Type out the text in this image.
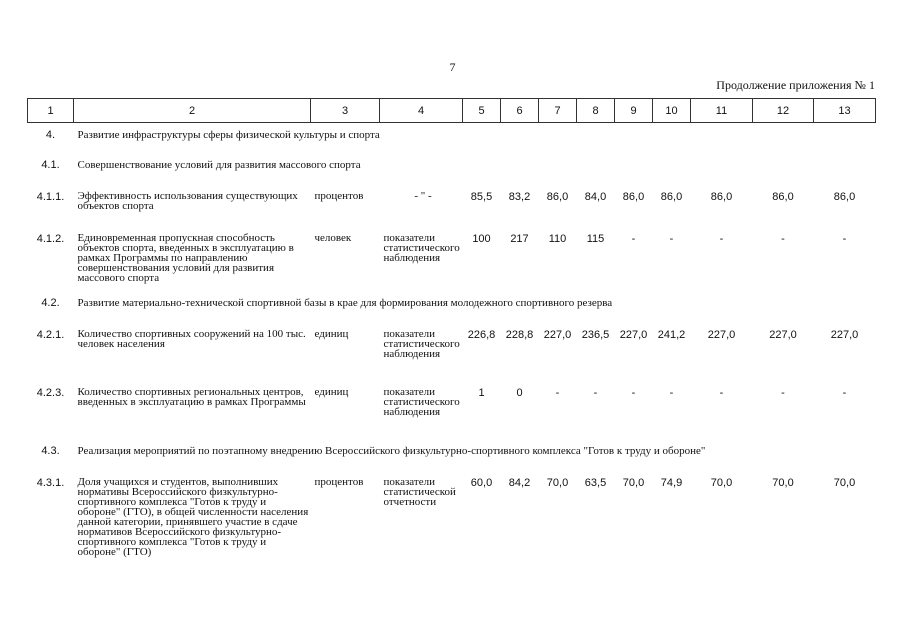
7
Продолжение приложения № 1
1	2	3	4	5	6	7	8	9	10	11	12	13
4.	Развитие инфраструктуры сферы физической культуры и спорта											
4.1.	Совершенствование условий для развития массового спорта											
4.1.1.	Эффективность использования существующих объектов спорта	процентов	- " -	85,5	83,2	86,0	84,0	86,0	86,0	86,0	86,0	86,0
4.1.2.	Единовременная пропускная способность объектов спорта, введенных в эксплуатацию в рамках Программы по направлению совершенствования условий для развития массового спорта	человек	показатели статистического наблюдения	100	217	110	115	-	-	-	-	-
4.2.	Развитие материально-технической спортивной базы в крае для формирования молодежного спортивного резерва											
4.2.1.	Количество спортивных сооружений на 100 тыс. человек населения	единиц	показатели статистического наблюдения	226,8	228,8	227,0	236,5	227,0	241,2	227,0	227,0	227,0
4.2.3.	Количество спортивных региональных центров, введенных в эксплуатацию в рамках Программы	единиц	показатели статистического наблюдения	1	0	-	-	-	-	-	-	-
4.3.	Реализация мероприятий по поэтапному внедрению Всероссийского физкультурно-спортивного комплекса "Готов к труду и обороне"											
4.3.1.	Доля учащихся и студентов, выполнивших нормативы Всероссийского физкультурно-спортивного комплекса "Готов к труду и обороне" (ГТО), в общей численности населения данной категории, принявшего участие в сдаче нормативов Всероссийского физкультурно-спортивного комплекса "Готов к труду и обороне" (ГТО)	процентов	показатели статистической отчетности	60,0	84,2	70,0	63,5	70,0	74,9	70,0	70,0	70,0
